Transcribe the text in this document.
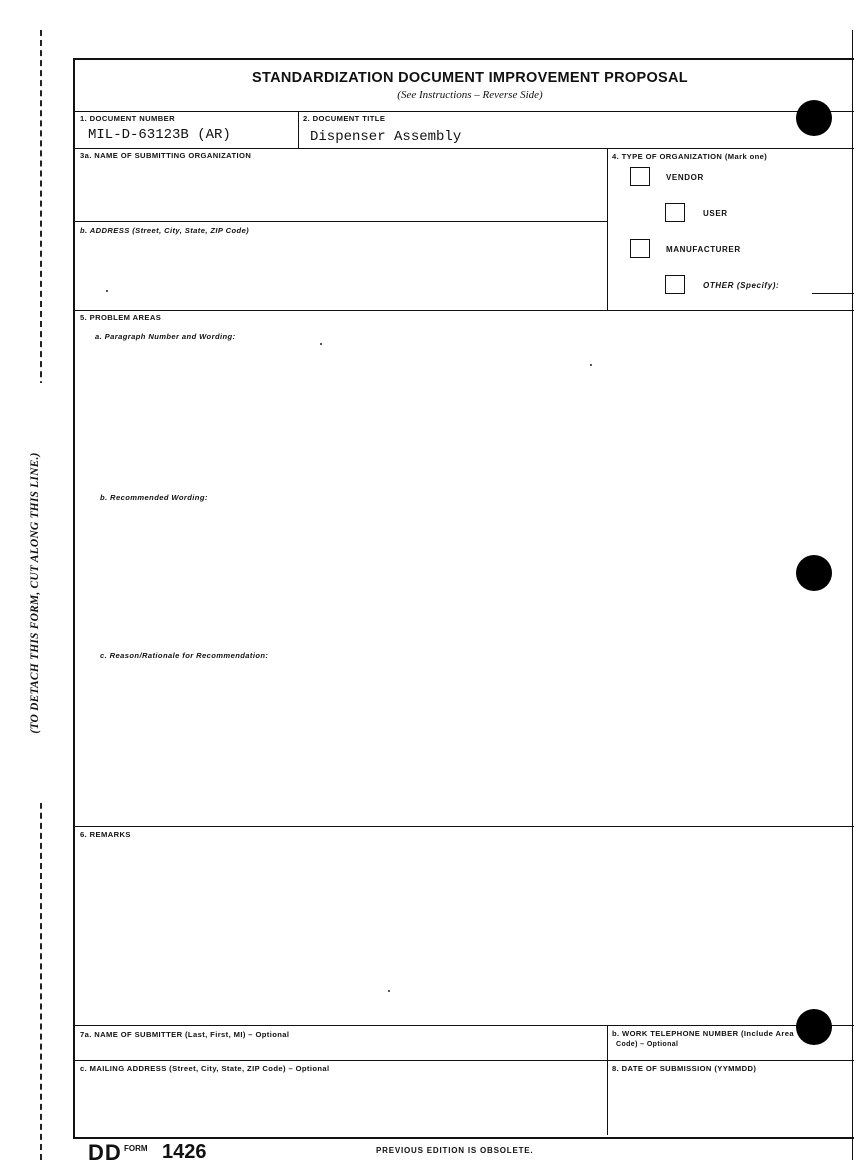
(TO DETACH THIS FORM, CUT ALONG THIS LINE.)
STANDARDIZATION DOCUMENT IMPROVEMENT PROPOSAL
(See Instructions – Reverse Side)
1. DOCUMENT NUMBER
MIL-D-63123B (AR)
2. DOCUMENT TITLE
Dispenser Assembly
3a. NAME OF SUBMITTING ORGANIZATION
b. ADDRESS (Street, City, State, ZIP Code)
4. TYPE OF ORGANIZATION (Mark one)
VENDOR
USER
MANUFACTURER
OTHER (Specify):
5. PROBLEM AREAS
a. Paragraph Number and Wording:
b. Recommended Wording:
c. Reason/Rationale for Recommendation:
6. REMARKS
7a. NAME OF SUBMITTER (Last, First, MI) – Optional	b. WORK TELEPHONE NUMBER (Include Area
Code) – Optional
c. MAILING ADDRESS (Street, City, State, ZIP Code) – Optional	8. DATE OF SUBMISSION (YYMMDD)
DD FORM 1426	PREVIOUS EDITION IS OBSOLETE.
